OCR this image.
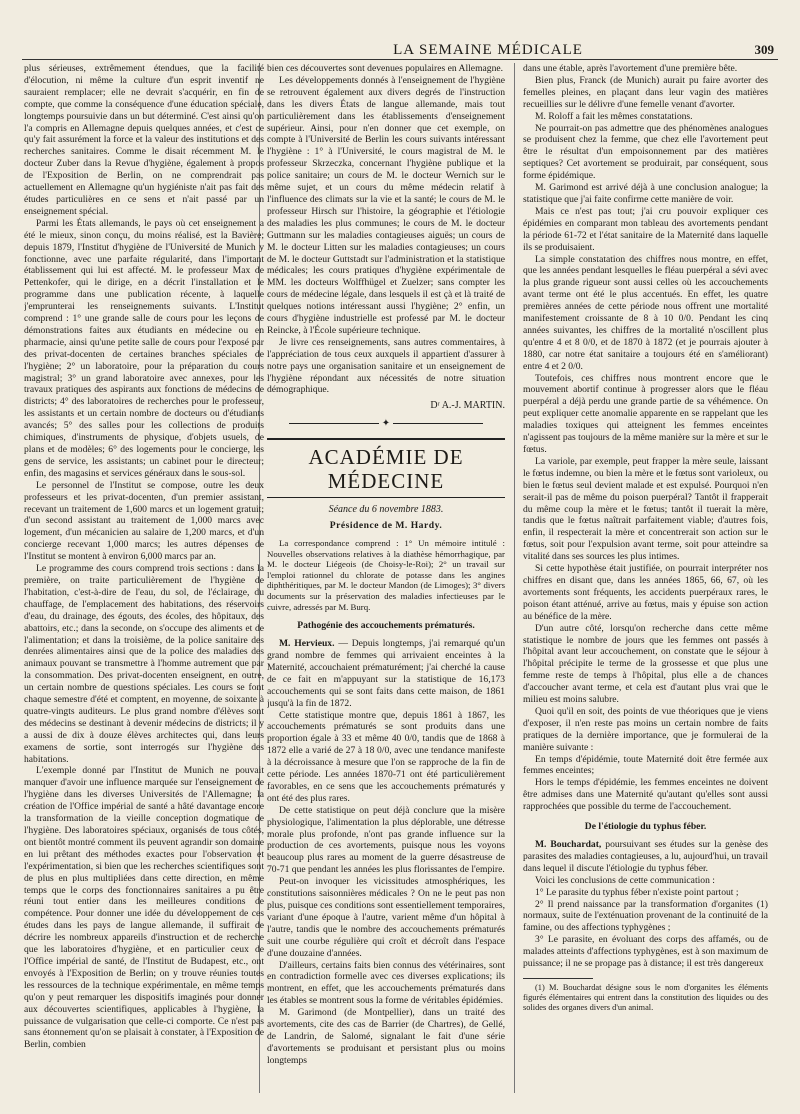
LA SEMAINE MÉDICALE	309

plus sérieuses, extrêmement étendues, que la facilité d'élocution, ni même la culture d'un esprit inventif ne sauraient remplacer; elle ne devrait s'acquérir, en fin de compte, que comme la conséquence d'une éducation spéciale, longtemps poursuivie dans un but déterminé. C'est ainsi qu'on l'a compris en Allemagne depuis quelques années, et c'est ce qu'y fait assurément la force et la valeur des institutions et des recherches sanitaires. Comme le disait récemment M. le docteur Zuber dans la Revue d'hygiène, également à propos de l'Exposition de Berlin, on ne comprendrait pas actuellement en Allemagne qu'un hygiéniste n'ait pas fait des études particulières en ce sens et n'ait passé par un enseignement spécial.

Parmi les États allemands, le pays où cet enseignement a été le mieux, sinon conçu, du moins réalisé, est la Bavière; depuis 1879, l'Institut d'hygiène de l'Université de Munich y fonctionne, avec une parfaite régularité, dans l'important établissement qui lui est affecté. M. le professeur Max de Pettenkofer, qui le dirige, en a décrit l'installation et le programme dans une publication récente, à laquelle j'emprunterai les renseignements suivants. L'Institut comprend : 1° une grande salle de cours pour les leçons de démonstrations faites aux étudiants en médecine ou en pharmacie, ainsi qu'une petite salle de cours pour l'exposé par des privat-docenten de certaines branches spéciales de l'hygiène; 2° un laboratoire, pour la préparation du cours magistral; 3° un grand laboratoire avec annexes, pour les travaux pratiques des aspirants aux fonctions de médecins de districts; 4° des laboratoires de recherches pour le professeur, les assistants et un certain nombre de docteurs ou d'étudiants avancés; 5° des salles pour les collections de produits chimiques, d'instruments de physique, d'objets usuels, de plans et de modèles; 6° des logements pour le concierge, les gens de service, les assistants; un cabinet pour le directeur; enfin, des magasins et services généraux dans le sous-sol.

Le personnel de l'Institut se compose, outre les deux professeurs et les privat-docenten, d'un premier assistant, recevant un traitement de 1,600 marcs et un logement gratuit; d'un second assistant au traitement de 1,000 marcs avec logement, d'un mécanicien au salaire de 1,200 marcs, et d'un concierge recevant 1,000 marcs; les autres dépenses de l'Institut se montent à environ 6,000 marcs par an.

Le programme des cours comprend trois sections : dans la première, on traite particulièrement de l'hygiène de l'habitation, c'est-à-dire de l'eau, du sol, de l'éclairage, du chauffage, de l'emplacement des habitations, des réservoirs d'eau, du drainage, des égouts, des écoles, des hôpitaux, des abattoirs, etc.; dans la seconde, on s'occupe des aliments et de l'alimentation; et dans la troisième, de la police sanitaire des denrées alimentaires ainsi que de la police des maladies des animaux pouvant se transmettre à l'homme autrement que par la consommation. Des privat-docenten enseignent, en outre, un certain nombre de questions spéciales. Les cours se font chaque semestre d'été et comptent, en moyenne, de soixante à quatre-vingts auditeurs. Le plus grand nombre d'élèves sont des médecins se destinant à devenir médecins de districts; il y a aussi de dix à douze élèves architectes qui, dans leurs examens de sortie, sont interrogés sur l'hygiène des habitations.

L'exemple donné par l'Institut de Munich ne pouvait manquer d'avoir une influence marquée sur l'enseignement de l'hygiène dans les diverses Universités de l'Allemagne; la création de l'Office impérial de santé a hâté davantage encore la transformation de la vieille conception dogmatique de l'hygiène. Des laboratoires spéciaux, organisés de tous côtés, ont bientôt montré comment ils peuvent agrandir son domaine en lui prêtant des méthodes exactes pour l'observation et l'expérimentation, si bien que les recherches scientifiques sont de plus en plus multipliées dans cette direction, en même temps que le corps des fonctionnaires sanitaires a pu être réuni tout entier dans les meilleures conditions de compétence. Pour donner une idée du développement de ces études dans les pays de langue allemande, il suffirait de décrire les nombreux appareils d'instruction et de recherche que les laboratoires d'hygiène, et en particulier ceux de l'Office impérial de santé, de l'Institut de Budapest, etc., ont envoyés à l'Exposition de Berlin; on y trouve réunies toutes les ressources de la technique expérimentale, en même temps qu'on y peut remarquer les dispositifs imaginés pour donner aux découvertes scientifiques, applicables à l'hygiène, la puissance de vulgarisation que celle-ci comporte. Ce n'est pas sans étonnement qu'on se plaisait à constater, à l'Exposition de Berlin, combien

bien ces découvertes sont devenues populaires en Allemagne.

Les développements donnés à l'enseignement de l'hygiène se retrouvent également aux divers degrés de l'instruction dans les divers États de langue allemande, mais tout particulièrement dans les établissements d'enseignement supérieur. Ainsi, pour n'en donner que cet exemple, on compte à l'Université de Berlin les cours suivants intéressant l'hygiène : 1° à l'Université, le cours magistral de M. le professeur Skrzeczka, concernant l'hygiène publique et la police sanitaire; un cours de M. le docteur Wernich sur le même sujet, et un cours du même médecin relatif à l'influence des climats sur la vie et la santé; le cours de M. le professeur Hirsch sur l'histoire, la géographie et l'étiologie des maladies les plus communes; le cours de M. le docteur Guttmann sur les maladies contagieuses aiguës; un cours de M. le docteur Litten sur les maladies contagieuses; un cours de M. le docteur Guttstadt sur l'administration et la statistique médicales; les cours pratiques d'hygiène expérimentale de MM. les docteurs Wolffhügel et Zuelzer; sans compter les cours de médecine légale, dans lesquels il est çà et là traité de quelques notions intéressant aussi l'hygiène; 2° enfin, un cours d'hygiène industrielle est professé par M. le docteur Reincke, à l'École supérieure technique.

Je livre ces renseignements, sans autres commentaires, à l'appréciation de tous ceux auxquels il appartient d'assurer à notre pays une organisation sanitaire et un enseignement de l'hygiène répondant aux nécessités de notre situation démographique.

Dʳ A.-J. MARTIN.
✦
ACADÉMIE DE MÉDECINE
Séance du 6 novembre 1883.
Présidence de M. Hardy.

La correspondance comprend : 1° Un mémoire intitulé : Nouvelles observations relatives à la diathèse hémorrhagique, par M. le docteur Liégeois (de Choisy-le-Roi); 2° un travail sur l'emploi rationnel du chlorate de potasse dans les angines diphthéritiques, par M. le docteur Mandon (de Limoges); 3° divers documents sur la préservation des maladies infectieuses par le cuivre, adressés par M. Burq.

Pathogénie des accouchements prématurés.

M. Hervieux. — Depuis longtemps, j'ai remarqué qu'un grand nombre de femmes qui arrivaient enceintes à la Maternité, accouchaient prématurément; j'ai cherché la cause de ce fait en m'appuyant sur la statistique de 16,173 accouchements qui se sont faits dans cette maison, de 1861 jusqu'à la fin de 1872.

Cette statistique montre que, depuis 1861 à 1867, les accouchements prématurés se sont produits dans une proportion égale à 33 et même 40 0/0, tandis que de 1868 à 1872 elle a varié de 27 à 18 0/0, avec une tendance manifeste à la décroissance à mesure que l'on se rapproche de la fin de cette période. Les années 1870-71 ont été particulièrement favorables, en ce sens que les accouchements prématurés y ont été des plus rares.

De cette statistique on peut déjà conclure que la misère physiologique, l'alimentation la plus déplorable, une détresse morale plus profonde, n'ont pas grande influence sur la production de ces avortements, puisque nous les voyons beaucoup plus rares au moment de la guerre désastreuse de 70-71 que pendant les années les plus florissantes de l'empire.

Peut-on invoquer les vicissitudes atmosphériques, les constitutions saisonnières médicales ? On ne le peut pas non plus, puisque ces conditions sont essentiellement temporaires, variant d'une époque à l'autre, varient même d'un hôpital à l'autre, tandis que le nombre des accouchements prématurés suit une courbe régulière qui croît et décroît dans l'espace d'une douzaine d'années.

D'ailleurs, certains faits bien connus des vétérinaires, sont en contradiction formelle avec ces diverses explications; ils montrent, en effet, que les accouchements prématurés dans les étables se montrent sous la forme de véritables épidémies.

M. Garimond (de Montpellier), dans un traité des avortements, cite des cas de Barrier (de Chartres), de Gellé, de Landrin, de Salomé, signalant le fait d'une série d'avortements se produisant et persistant plus ou moins longtemps

dans une étable, après l'avortement d'une première bête.

Bien plus, Franck (de Munich) aurait pu faire avorter des femelles pleines, en plaçant dans leur vagin des matières recueillies sur le délivre d'une femelle venant d'avorter.

M. Roloff a fait les mêmes constatations.

Ne pourrait-on pas admettre que des phénomènes analogues se produisent chez la femme, que chez elle l'avortement peut être le résultat d'un empoisonnement par des matières septiques? Cet avortement se produirait, par conséquent, sous forme épidémique.

M. Garimond est arrivé déjà à une conclusion analogue; la statistique que j'ai faite confirme cette manière de voir.

Mais ce n'est pas tout; j'ai cru pouvoir expliquer ces épidémies en comparant mon tableau des avortements pendant la période 61-72 et l'état sanitaire de la Maternité dans laquelle ils se produisaient.

La simple constatation des chiffres nous montre, en effet, que les années pendant lesquelles le fléau puerpéral a sévi avec la plus grande rigueur sont aussi celles où les accouchements avant terme ont été le plus accentués. En effet, les quatre premières années de cette période nous offrent une mortalité manifestement croissante de 8 à 10 0/0. Pendant les cinq années suivantes, les chiffres de la mortalité n'oscillent plus qu'entre 4 et 8 0/0, et de 1870 à 1872 (et je pourrais ajouter à 1880, car notre état sanitaire a toujours été en s'améliorant) entre 4 et 2 0/0.

Toutefois, ces chiffres nous montrent encore que le mouvement abortif continue à progresser alors que le fléau puerpéral a déjà perdu une grande partie de sa véhémence. On peut expliquer cette anomalie apparente en se rappelant que les maladies toxiques qui atteignent les femmes enceintes n'agissent pas toujours de la même manière sur la mère et sur le fœtus.

La variole, par exemple, peut frapper la mère seule, laissant le fœtus indemne, ou bien la mère et le fœtus sont varioleux, ou bien le fœtus seul devient malade et est expulsé. Pourquoi n'en serait-il pas de même du poison puerpéral? Tantôt il frapperait du même coup la mère et le fœtus; tantôt il tuerait la mère, tandis que le fœtus naîtrait parfaitement viable; d'autres fois, enfin, il respecterait la mère et concentrerait son action sur le fœtus, soit pour l'expulsion avant terme, soit pour atteindre sa vitalité dans ses sources les plus intimes.

Si cette hypothèse était justifiée, on pourrait interpréter nos chiffres en disant que, dans les années 1865, 66, 67, où les avortements sont fréquents, les accidents puerpéraux rares, le poison étant atténué, arrive au fœtus, mais y épuise son action au bénéfice de la mère.

D'un autre côté, lorsqu'on recherche dans cette même statistique le nombre de jours que les femmes ont passés à l'hôpital avant leur accouchement, on constate que le séjour à l'hôpital précipite le terme de la grossesse et que plus une femme reste de temps à l'hôpital, plus elle a de chances d'accoucher avant terme, et cela est d'autant plus vrai que le milieu est moins salubre.

Quoi qu'il en soit, des points de vue théoriques que je viens d'exposer, il n'en reste pas moins un certain nombre de faits pratiques de la dernière importance, que je formulerai de la manière suivante :

En temps d'épidémie, toute Maternité doit être fermée aux femmes enceintes;

Hors le temps d'épidémie, les femmes enceintes ne doivent être admises dans une Maternité qu'autant qu'elles sont aussi rapprochées que possible du terme de l'accouchement.

De l'étiologie du typhus féber.

M. Bouchardat, poursuivant ses études sur la genèse des parasites des maladies contagieuses, a lu, aujourd'hui, un travail dans lequel il discute l'étiologie du typhus féber.

Voici les conclusions de cette communication :

1° Le parasite du typhus féber n'existe point partout ;

2° Il prend naissance par la transformation d'organites (1) normaux, suite de l'exténuation provenant de la continuité de la famine, ou des affections typhygènes ;

3° Le parasite, en évoluant des corps des affamés, ou de malades atteints d'affections typhygènes, est à son maximum de puissance; il ne se propage pas à distance; il est très dangereux

(1) M. Bouchardat désigne sous le nom d'organites les éléments figurés élémentaires qui entrent dans la constitution des liquides ou des solides des organes divers d'un animal.
